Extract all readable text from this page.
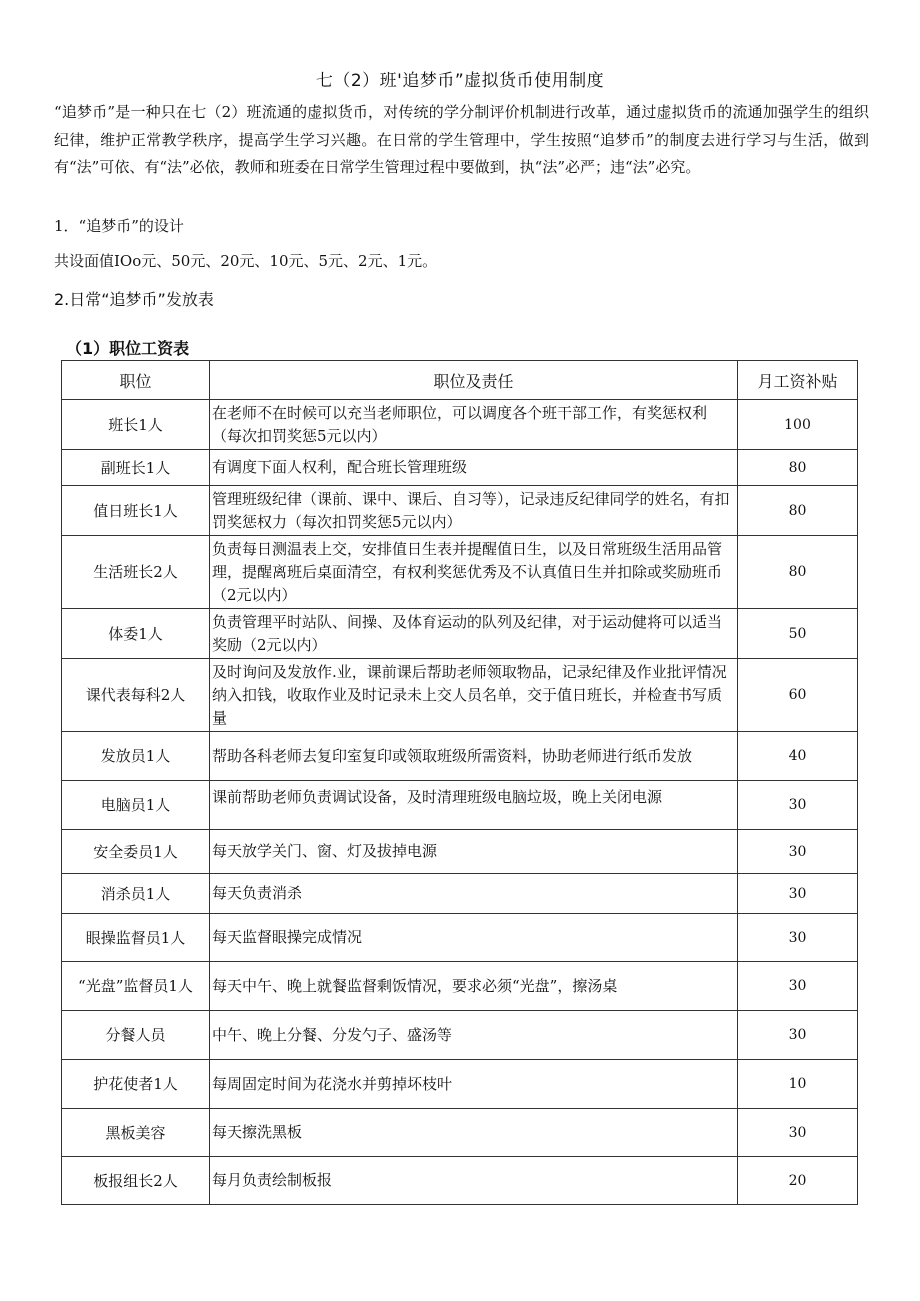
七（2）班'追梦币”虚拟货币使用制度

“追梦币”是一种只在七（2）班流通的虚拟货币，对传统的学分制评价机制进行改革，通过虚拟货币的流通加强学生的组织纪律，维护正常教学秩序，提高学生学习兴趣。在日常的学生管理中，学生按照“追梦币”的制度去进行学习与生活，做到有“法”可依、有“法”必依，教师和班委在日常学生管理过程中要做到，执“法”必严；违“法”必究。

1．“追梦币”的设计

共设面值IOo元、50元、20元、10元、5元、2元、1元。

2.日常“追梦币”发放表
（1）职位工资表
职位	职位及责任	月工资补贴
班长1人	在老师不在时候可以充当老师职位，可以调度各个班干部工作，有奖惩权利（每次扣罚奖惩5元以内）	100
副班长1人	有调度下面人权利，配合班长管理班级	80
值日班长1人	管理班级纪律（课前、课中、课后、自习等），记录违反纪律同学的姓名，有扣罚奖惩权力（每次扣罚奖惩5元以内）	80
生活班长2人	负责每日测温表上交，安排值日生表并提醒值日生，以及日常班级生活用品管理，提醒离班后桌面清空，有权利奖惩优秀及不认真值日生并扣除或奖励班币（2元以内）	80
体委1人	负责管理平时站队、间操、及体育运动的队列及纪律，对于运动健将可以适当奖励（2元以内）	50
课代表每科2人	及时询问及发放作.业，课前课后帮助老师领取物品，记录纪律及作业批评情况纳入扣钱，收取作业及时记录未上交人员名单，交于值日班长，并检查书写质量	60
发放员1人	帮助各科老师去复印室复印或领取班级所需资料，协助老师进行纸币发放	40
电脑员1人	课前帮助老师负责调试设备，及时清理班级电脑垃圾，晚上关闭电源	30
安全委员1人	每天放学关门、窗、灯及拔掉电源	30
消杀员1人	每天负责消杀	30
眼操监督员1人	每天监督眼操完成情况	30
“光盘”监督员1人	每天中午、晚上就餐监督剩饭情况，要求必须“光盘”，擦汤桌	30
分餐人员	中午、晚上分餐、分发勺子、盛汤等	30
护花使者1人	每周固定时间为花浇水并剪掉坏枝叶	10
黑板美容	每天擦洗黑板	30
板报组长2人	每月负责绘制板报	20
